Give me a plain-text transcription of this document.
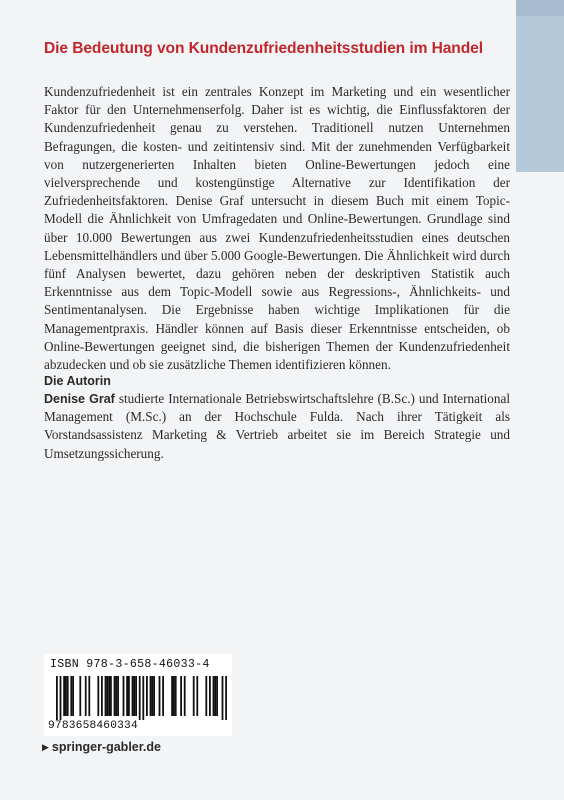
Die Bedeutung von Kundenzufriedenheitsstudien im Handel

Kundenzufriedenheit ist ein zentrales Konzept im Marketing und ein wesentlicher Faktor für den Unternehmenserfolg. Daher ist es wichtig, die Einflussfaktoren der Kundenzufriedenheit genau zu verstehen. Traditionell nutzen Unternehmen Befragungen, die kosten- und zeitintensiv sind. Mit der zunehmenden Verfügbarkeit von nutzergenerierten Inhalten bieten Online-Bewertungen jedoch eine vielversprechende und kostengünstige Alternative zur Identifikation der Zufriedenheitsfaktoren. Denise Graf untersucht in diesem Buch mit einem Topic-Modell die Ähnlichkeit von Umfragedaten und Online-Bewertungen. Grundlage sind über 10.000 Bewertungen aus zwei Kundenzufriedenheitsstudien eines deutschen Lebensmittelhändlers und über 5.000 Google-Bewertungen. Die Ähnlichkeit wird durch fünf Analysen bewertet, dazu gehören neben der deskriptiven Statistik auch Erkenntnisse aus dem Topic-Modell sowie aus Regressions-, Ähnlichkeits- und Sentimentanalysen. Die Ergebnisse haben wichtige Implikationen für die Managementpraxis. Händler können auf Basis dieser Erkenntnisse entscheiden, ob Online-Bewertungen geeignet sind, die bisherigen Themen der Kundenzufriedenheit abzudecken und ob sie zusätzliche Themen identifizieren können.

Die Autorin

Denise Graf studierte Internationale Betriebswirtschaftslehre (B.Sc.) und International Management (M.Sc.) an der Hochschule Fulda. Nach ihrer Tätigkeit als Vorstandsassistenz Marketing & Vertrieb arbeitet sie im Bereich Strategie und Umsetzungssicherung.

ISBN 978-3-658-46033-4
9783658460334
▶ springer-gabler.de
